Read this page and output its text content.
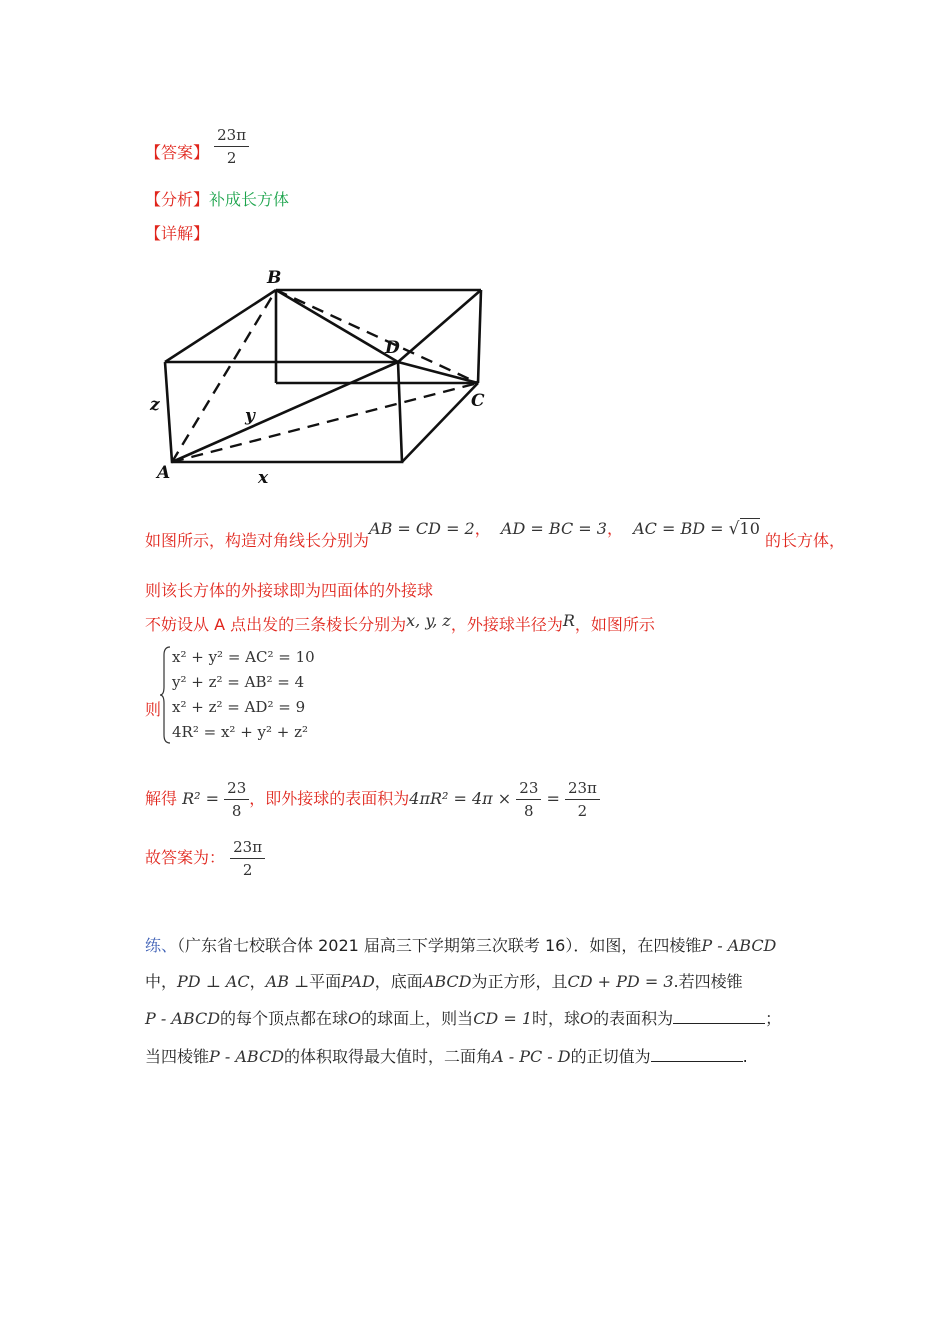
【答案】 $\frac{23\pi}{2}$
【分析】补成长方体
【详解】
B
D
C
A	x
y
z
如图所示，构造对角线长分别为AB = CD = 2， AD = BC = 3， AC = BD = √10 的长方体，
则该长方体的外接球即为四面体的外接球
不妨设从 A 点出发的三条棱长分别为x, y, z，外接球半径为R，如图所示
则
x² + y² = AC² = 10
y² + z² = AB² = 4
x² + z² = AD² = 9
4R² = x² + y² + z²
解得 $R^2 = \frac{23}{8}$ ，即外接球的表面积为$4\pi R^2 = 4\pi \times \frac{23}{8} = \frac{23\pi}{2}$
故答案为： $\frac{23\pi}{2}$
练、（广东省七校联合体 2021 届高三下学期第三次联考 16）．如图，在四棱锥P - ABCD
中，PD ⊥ AC，AB ⊥平面PAD，底面ABCD为正方形，且CD + PD = 3.若四棱锥
P - ABCD的每个顶点都在球O的球面上，则当CD = 1时，球O的表面积为	；
当四棱锥P - ABCD的体积取得最大值时，二面角A - PC - D的正切值为	.
